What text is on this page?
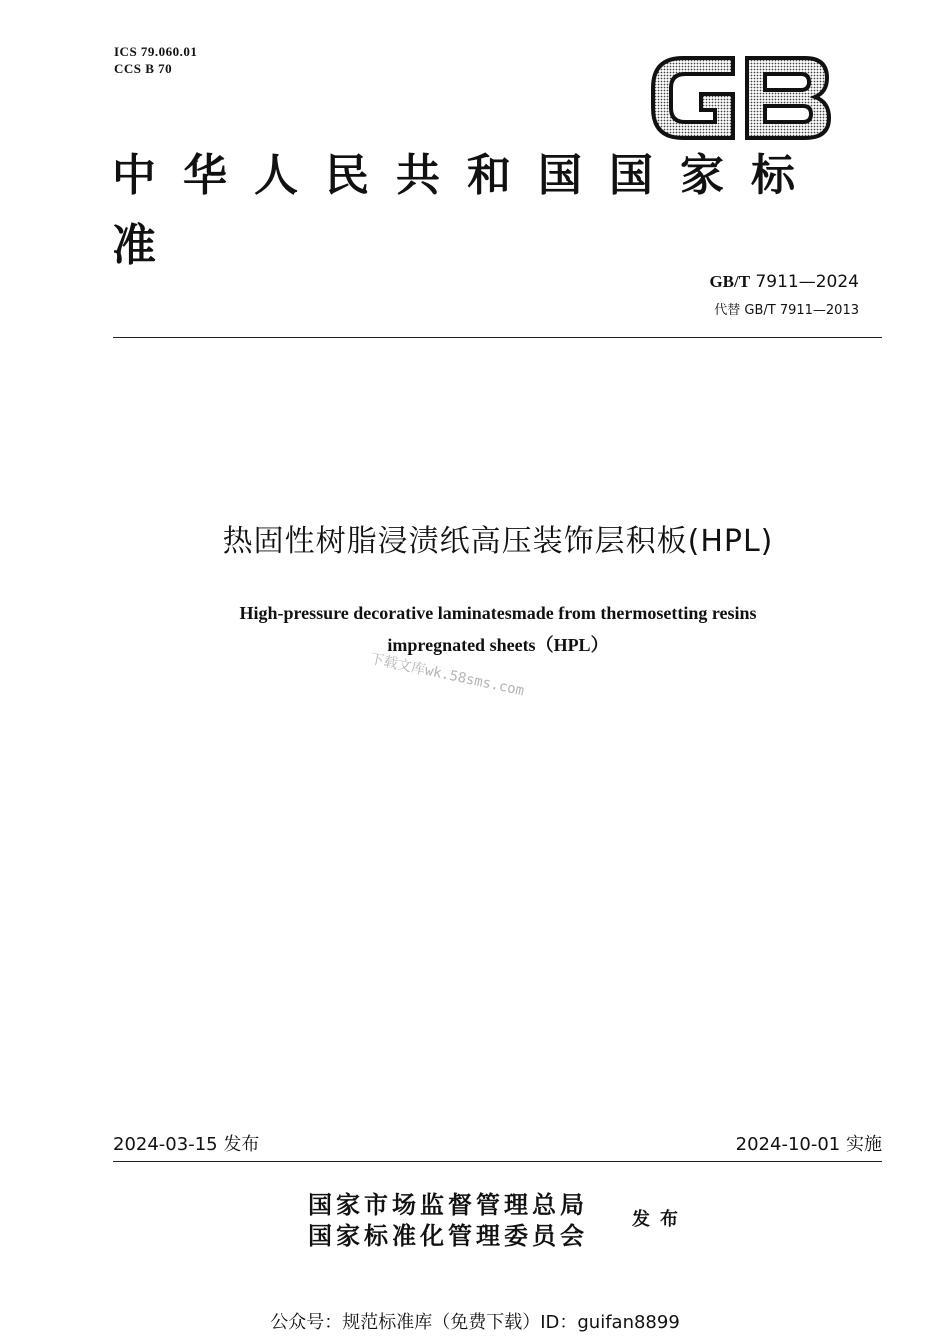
ICS 79.060.01
CCS B 70
中华人民共和国国家标准
GB/T 7911—2024
代替 GB/T 7911—2013
热固性树脂浸渍纸高压装饰层积板(HPL)
High-pressure decorative laminatesmade from thermosetting resins
impregnated sheets（HPL）
下载文库wk.58sms.com
2024-03-15 发布	2024-10-01 实施
国家市场监督管理总局
国家标准化管理委员会
发布
公众号：规范标准库（免费下载）ID：guifan8899
